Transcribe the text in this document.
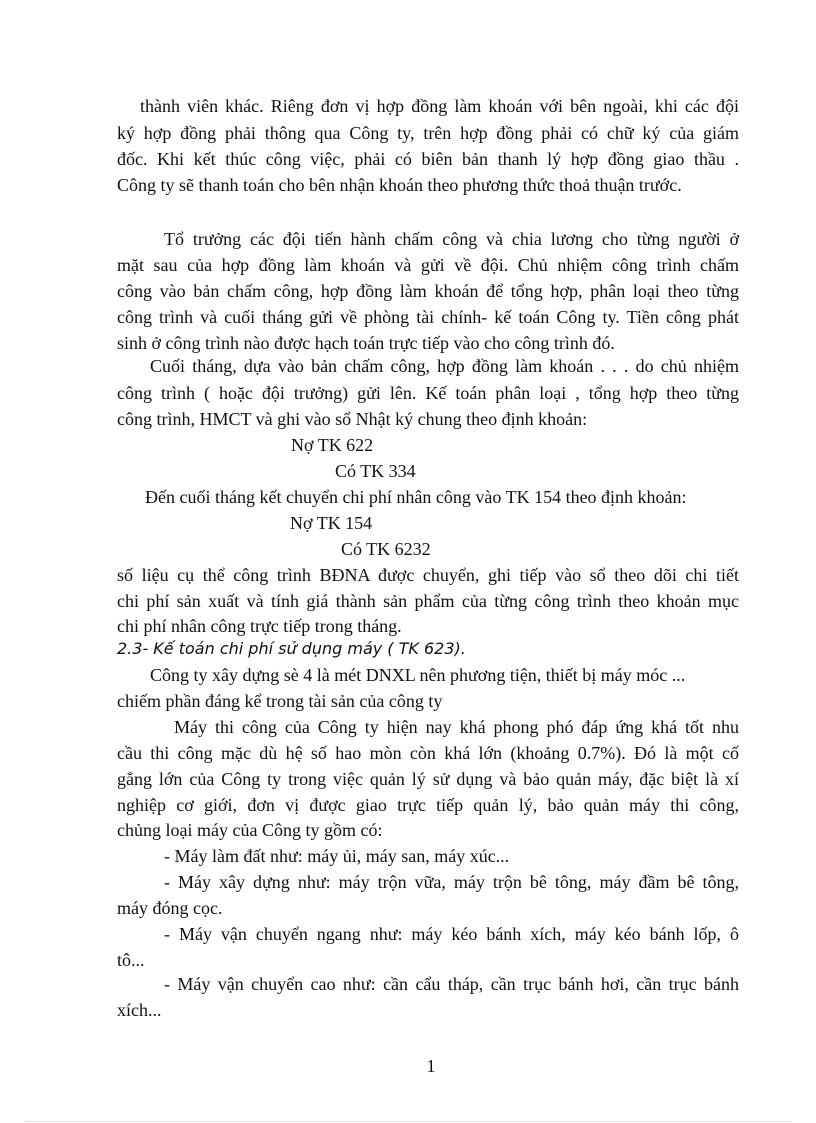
thành viên khác. Riêng đơn vị hợp đồng làm khoán với bên ngoài, khi các đội
ký hợp đồng phải thông qua Công ty, trên hợp đồng phải có chữ ký của giám
đốc. Khi kết thúc công việc, phải có biên bản thanh lý hợp đồng giao thầu .
Công ty sẽ thanh toán cho bên nhận khoán theo phương thức thoả thuận trước.
Tổ trưởng các đội tiến hành chấm công và chia lương cho từng người ở
mặt sau của hợp đồng làm khoán và gửi về đội. Chủ nhiệm công trình chấm
công vào bản chấm công, hợp đồng làm khoán để tổng hợp, phân loại theo từng
công trình và cuối tháng gửi về phòng tài chính- kế toán Công ty. Tiền công phát
sinh ở công trình nào được hạch toán trực tiếp vào cho công trình đó.
Cuối tháng, dựa vào bản chấm công, hợp đồng làm khoán . . . do chủ nhiệm
công trình ( hoặc đội trưởng) gửi lên. Kế toán phân loại , tổng hợp theo từng
công trình, HMCT và ghi vào sổ Nhật ký chung theo định khoản:
Nợ TK 622
Có TK 334
Đến cuối tháng kết chuyển chi phí nhân công vào TK 154 theo định khoản:
Nợ TK 154
Có TK 6232
số liệu cụ thể công trình BĐNA được chuyển, ghi tiếp vào sổ theo dõi chi tiết
chi phí sản xuất và tính giá thành sản phẩm của từng công trình theo khoản mục
chi phí nhân công trực tiếp trong tháng.
2.3- Kế toán chi phí sử dụng máy ( TK 623).
Công ty xây dựng sè 4 là mét DNXL nên phương tiện, thiết bị máy móc ...
chiếm phần đáng kể trong tài sản của công ty
Máy thi công của Công ty hiện nay khá phong phó đáp ứng khá tốt nhu
cầu thi công mặc dù hệ số hao mòn còn khá lớn (khoảng 0.7%). Đó là một cố
gắng lớn của Công ty trong việc quản lý sử dụng và bảo quản máy, đặc biệt là xí
nghiệp cơ giới, đơn vị được giao trực tiếp quản lý, bảo quản máy thi công,
chủng loại máy của Công ty gồm có:
- Máy làm đất như: máy ủi, máy san, máy xúc...
- Máy xây dựng như: máy trộn vữa, máy trộn bê tông, máy đầm bê tông,
máy đóng cọc.
- Máy vận chuyển ngang như: máy kéo bánh xích, máy kéo bánh lốp, ô
tô...
- Máy vận chuyển cao như: cần cẩu tháp, cần trục bánh hơi, cần trục bánh
xích...
1
